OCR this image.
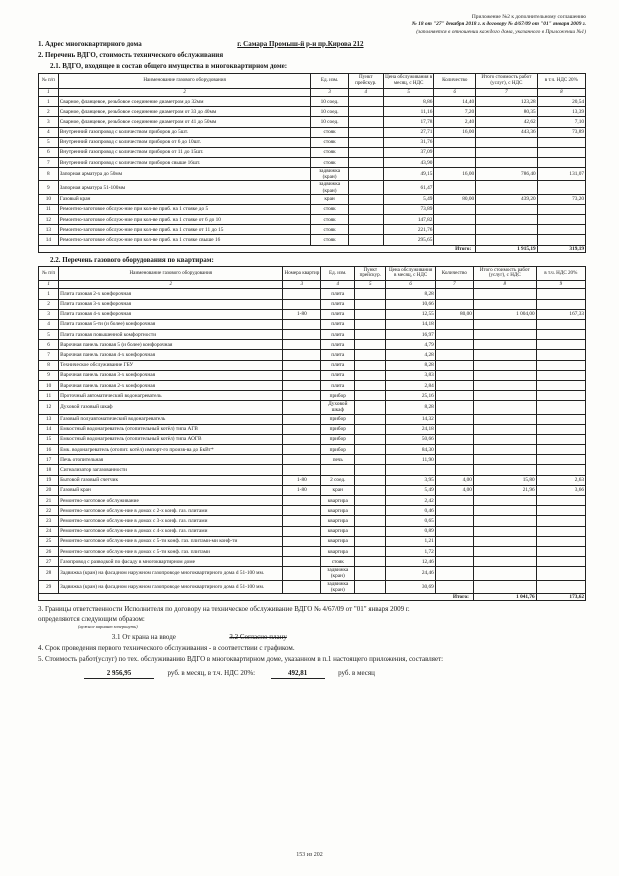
Приложение №2 к дополнительному соглашению
№ 18 от "27" декабря 2018 г. к договору № 4/67/09 от "01" января 2009 г.
(заполняется в отношении каждого дома, указанного в Приложении №1)
1. Адрес многоквартирного дома	г. Самара Промыш-й р-н пр.Кирова 212
2. Перечень ВДГО, стоимость технического обслуживания
2.1. ВДГО, входящее в состав общего имущества в многоквартирном доме:
№ п/п	Наименование газового оборудования	Ед. изм.	Пункт прейскур.	Цена обслуживания в месяц, с НДС	Количество	Итого стоимость работ (услуг), с НДС	в т.ч. НДС 20%
1	2	3	4	5	6	7	8
1	Сварное, фланцевое, резьбовое соединение диаметром до 32мм	10 соед.		8,86	14,40	123,28	20,54
2	Сварное, фланцевое, резьбовое соединение диаметром от 33 до 40мм	10 соед.		11,16	7,20	80,35	13,39
3	Сварное, фланцевое, резьбовое соединение диаметром от 41 до 50мм	10 соед.		17,78	2,40	42,62	7,10
4	Внутренний газопровод с количеством приборов до 5шт.	стояк		27,71	16,00	443,36	73,89
5	Внутренний газопровод с количеством приборов от 6 до 10шт.	стояк		31,76			
6	Внутренний газопровод с количеством приборов от 11 до 15шт.	стояк		37,09			
7	Внутренний газопровод с количеством приборов свыше 16шт.	стояк		43,90			
8	Запорная арматура до 50мм	задвижка (кран)		49,15	16,00	786,40	131,07
9	Запорная арматура 51-100мм	задвижка (кран)		61,47			
10	Газовый кран	кран		5,49	80,00	439,20	73,20
11	Ремонтно-заготовое обслуж-ние при кол-ве приб. на 1 стояке до 5	стояк		73,89			
12	Ремонтно-заготовое обслуж-ние при кол-ве приб. на 1 стояке от 6 до 10	стояк		147,82			
13	Ремонтно-заготовое обслуж-ние при кол-ве приб. на 1 стояке от 11 до 15	стояк		221,76			
14	Ремонтно-заготовое обслуж-ние при кол-ве приб. на 1 стояке свыше 16	стояк		295,65			
Итого:						1 915,19	319,19
2.2. Перечень газового оборудования по квартирам:
№ п/п	Наименование газового оборудования	Номера квартир	Ед. изм.	Пункт прейскур.	Цена обслуживания в месяц, с НДС	Количество	Итого стоимость работ (услуг), с НДС	в т.ч. НДС 20%
1	2	3	4	5	6	7	8	9
1	Плита газовая 2-х конфорочная		плита		8,28			
2	Плита газовая 3-х конфорочная		плита		10,66			
3	Плита газовая 4-х конфорочная	1-80	плита		12,55	80,00	1 004,00	167,33
4	Плита газовая 5-ти (и более) конфорочная		плита		14,18			
5	Плита газовая повышенной комфортности		плита		16,97			
6	Варочная панель газовая 5 (и более) конфорочная		плита		4,79			
7	Варочная панель газовая 4-х конфорочная		плита		4,28			
8	Техническое обслуживание ГБУ		плита		8,28			
9	Варочная панель газовая 3-х конфорочная		плита		3,83			
10	Варочная панель газовая 2-х конфорочная		плита		2,84			
11	Проточный автоматический водонагреватель		прибор		25,16			
12	Духовой газовый шкаф		Духовой шкаф		8,28			
13	Газовый полуавтоматический водонагреватель		прибор		14,32			
14	Емкостный водонагреватель (отопительный котёл) типа АГВ		прибор		24,18			
15	Емкостный водонагреватель (отопительный котёл) типа АОГВ		прибор		50,66			
16	Емк. водонагреватель (отопит. котёл) импорт-го произв-ва до БкВт*		прибор		84,30			
17	Печь отопительная		печь		11,90			
18	Сигнализатор загазованности							
19	Бытовой газовый счетчик	1-80	2 соед.		3,95	4,00	15,80	2,63
20	Газовый кран	1-80	кран		5,49	4,00	21,96	3,66
21	Ремонтно-заготовое обслуживание		квартира		2,42			
22	Ремонтно-заготовое обслуж-ние в домах с 2-х конф. газ. плитами		квартира		0,46			
23	Ремонтно-заготовое обслуж-ние в домах с 3-х конф. газ. плитами		квартира		0,65			
24	Ремонтно-заготовое обслуж-ние в домах с 4-х конф. газ. плитами		квартира		0,89			
25	Ремонтно-заготовое обслуж-ние в домах с 5-ти конф. газ. плитами-ми конф-ти		квартира		1,21			
26	Ремонтно-заготовое обслуж-ние в домах с 5-ти конф. газ. плитами		квартира		1,72			
27	Газопровод с разводкой по фасаду в многоквартирном доме		стояк		12,46			
28	Задвижка (кран) на фасадном наружном газопроводе многоквартирного дома d 51-100 мм.		задвижка (кран)		24,46			
29	Задвижка (кран) на фасадном наружном газопроводе многоквартирного дома d 51-100 мм.		задвижка (кран)		30,69			
Итого:							1 041,76	173,62
3. Границы ответственности Исполнителя по договору на техническое обслуживание ВДГО № 4/67/09 от "01" января 2009 г.
определяются следующим образом:
(нужное вариант зачеркнуть)
3.1 От крана на вводе	3.2 Согласно плану
4. Срок проведения первого технического обслуживания - в соответствии с графиком.
5. Стоимость работ(услуг) по тех. обслуживанию ВДГО в многоквартирном доме, указанном в п.1 настоящего приложения, составляет:
2 956,95	руб. в месяц, в т.ч. НДС 20%:	492,81	руб. в месяц
153 из 202
